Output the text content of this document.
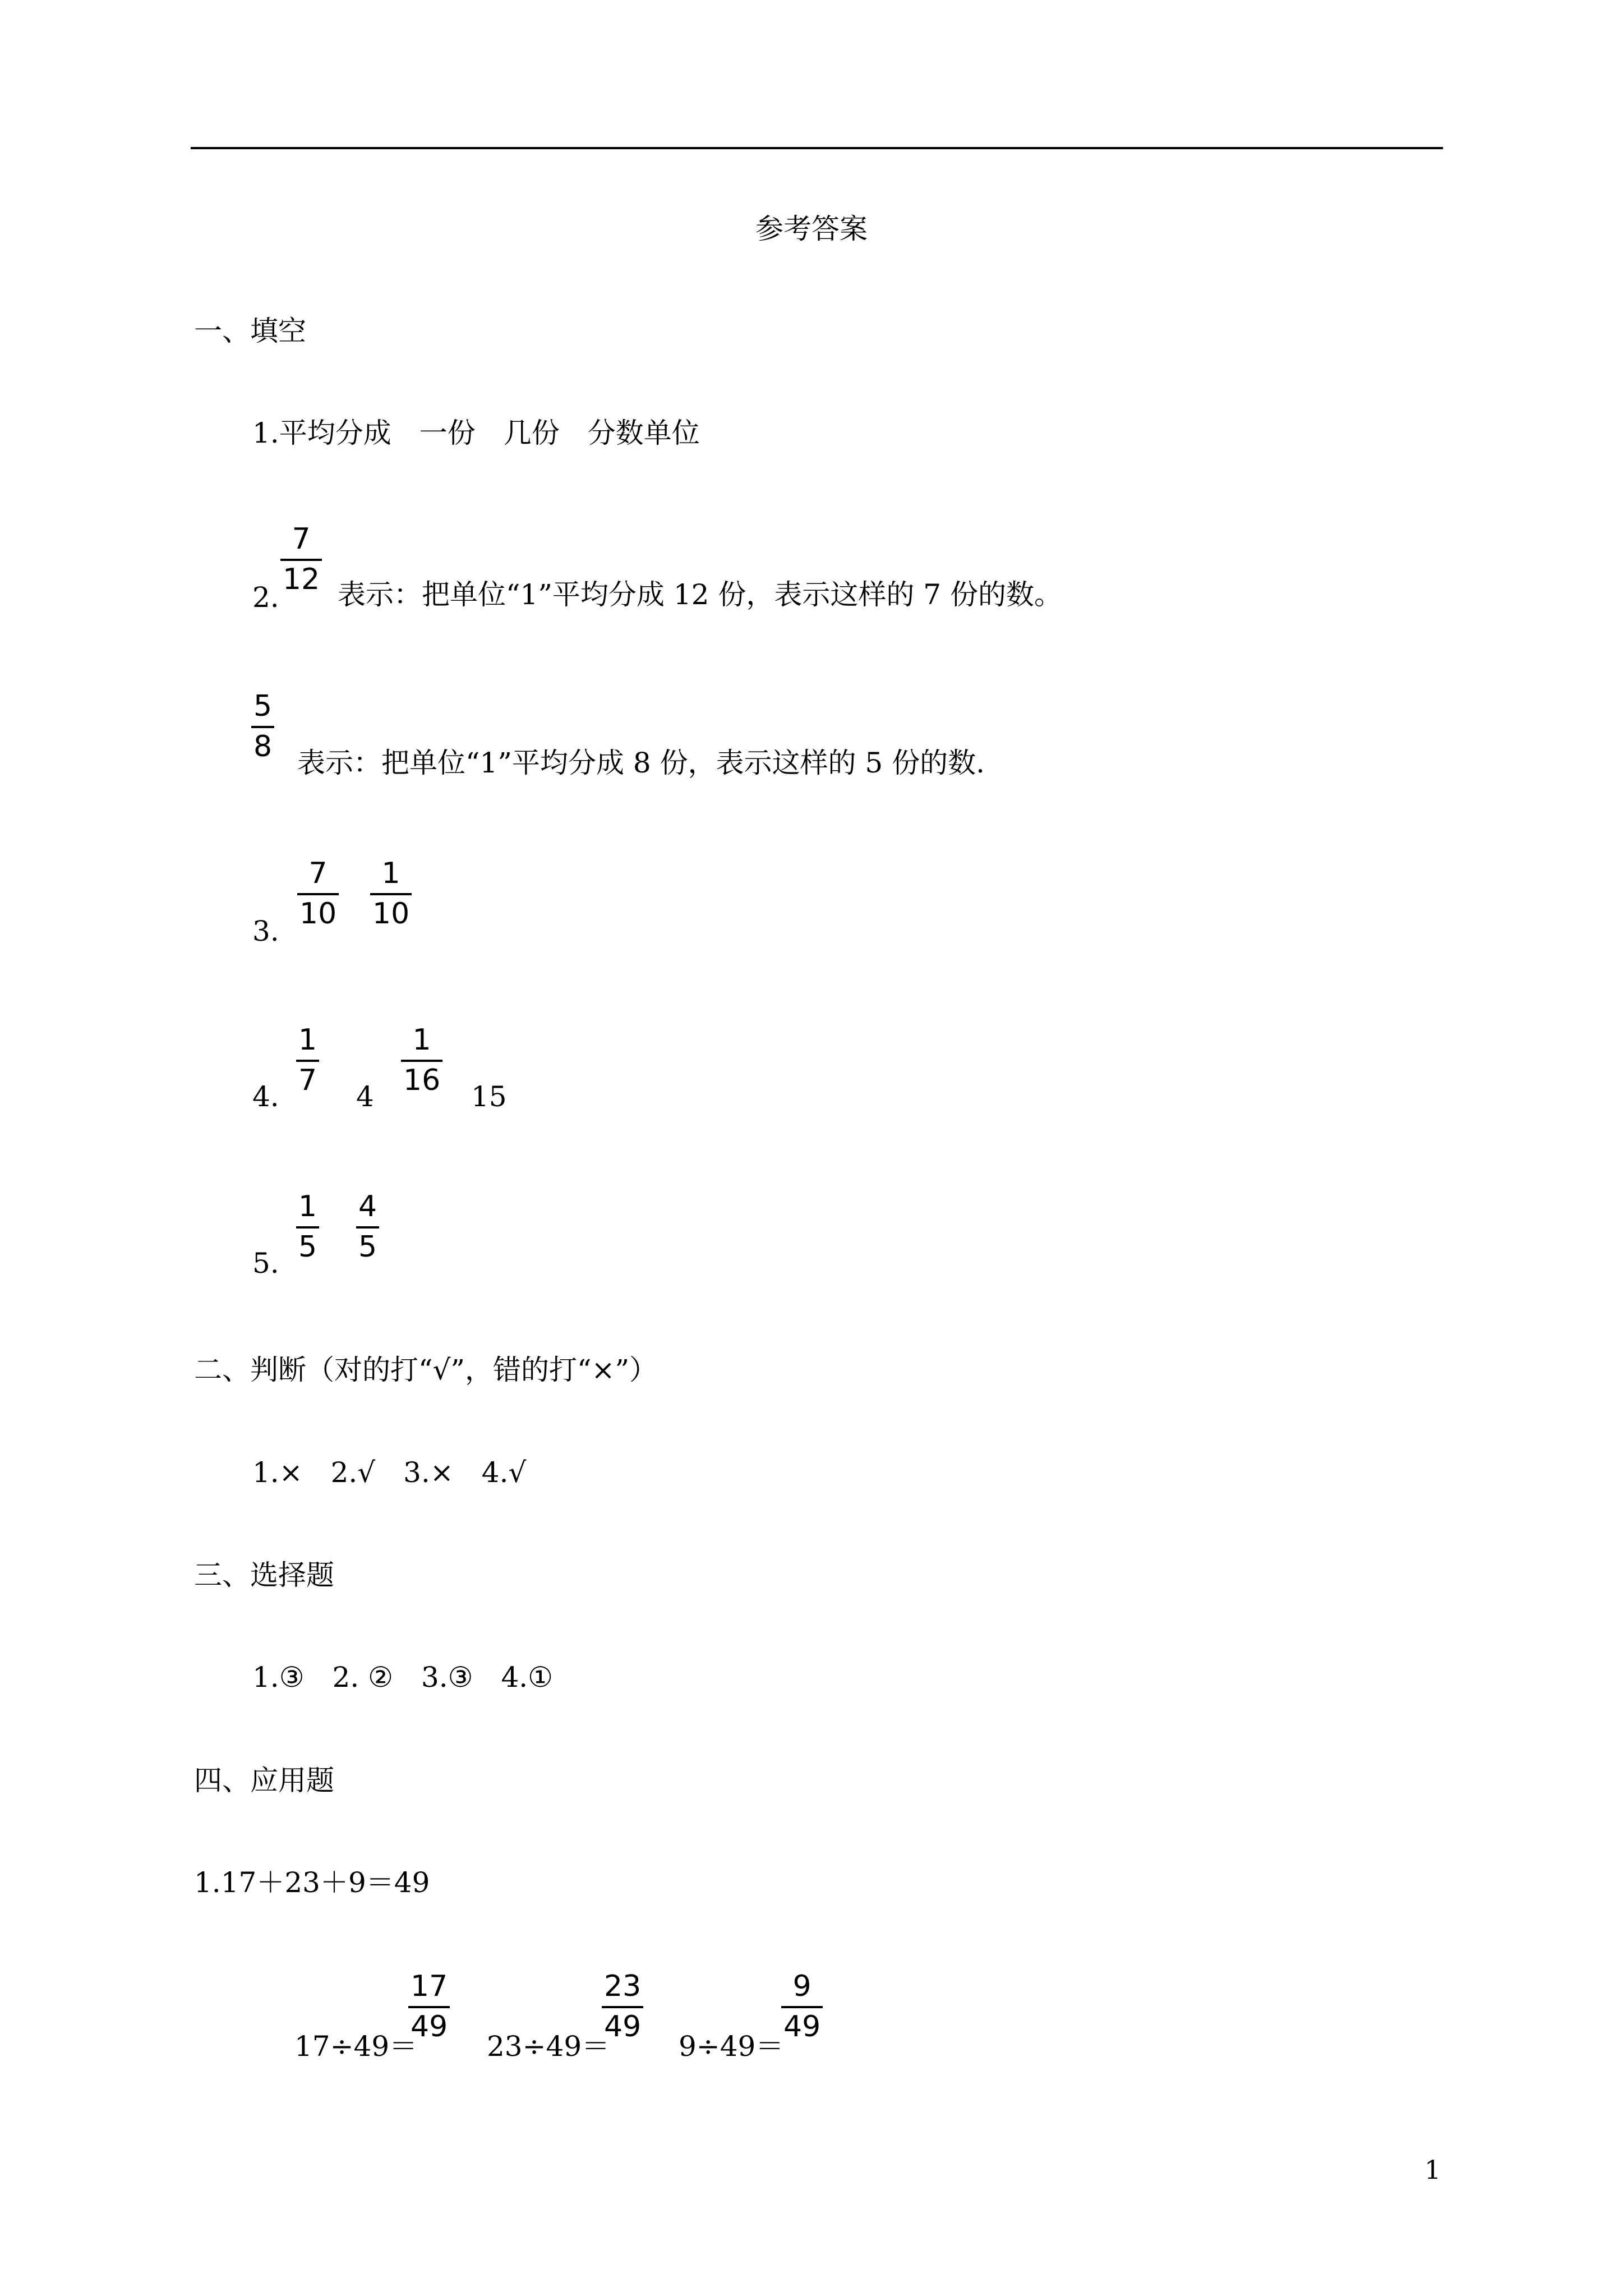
参考答案
一、填空
1.平均分成　一份　几份　分数单位
2.
7
12 表示：把单位“1”平均分成 12 份，表示这样的 7 份的数。
5
8 表示：把单位“1”平均分成 8 份，表示这样的 5 份的数.
3.
7
10
1
10
4.
1
7 4
1
16 15
5.
1
5
4
5
二、判断（对的打“√”，错的打“×”）
1.×　2.√　3.×　4.√
三、选择题
1.③　2. ②　3.③　4.①
四、应用题
1.17＋23＋9＝49
17÷49＝
17
49
23÷49＝
23
49
9÷49＝
9
49
1
